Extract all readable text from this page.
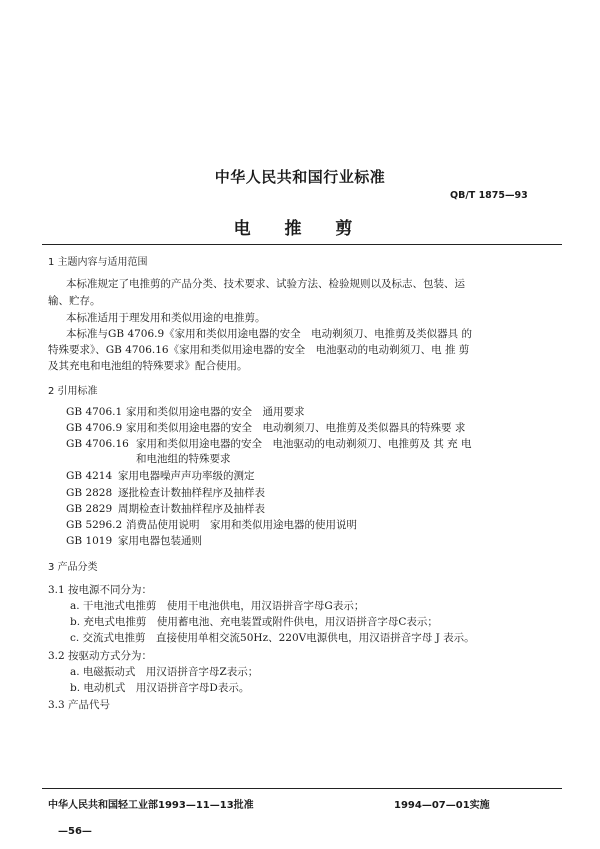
中华人民共和国行业标准
QB/T 1875—93
电 推 剪
1 主题内容与适用范围
本标准规定了电推剪的产品分类、技术要求、试验方法、检验规则以及标志、包装、运
输、贮存。
本标准适用于理发用和类似用途的电推剪。
本标准与GB 4706.9《家用和类似用途电器的安全　电动剃须刀、电推剪及类似器具 的
特殊要求》、GB 4706.16《家用和类似用途电器的安全　电池驱动的电动剃须刀、电 推 剪
及其充电和电池组的特殊要求》配合使用。
2 引用标准
GB 4706.1 家用和类似用途电器的安全　通用要求
GB 4706.9 家用和类似用途电器的安全　电动剃须刀、电推剪及类似器具的特殊要 求
GB 4706.16 家用和类似用途电器的安全　电池驱动的电动剃须刀、电推剪及 其 充 电
和电池组的特殊要求
GB 4214 家用电器噪声声功率级的测定
GB 2828 逐批检查计数抽样程序及抽样表
GB 2829 周期检查计数抽样程序及抽样表
GB 5296.2 消费品使用说明　家用和类似用途电器的使用说明
GB 1019 家用电器包装通则
3 产品分类
3.1 按电源不同分为：
a. 干电池式电推剪　使用干电池供电，用汉语拼音字母G表示；
b. 充电式电推剪　使用蓄电池、充电装置或附件供电，用汉语拼音字母C表示；
c. 交流式电推剪　直接使用单相交流50Hz、220V电源供电，用汉语拼音字母 J 表示。
3.2 按驱动方式分为：
a. 电磁振动式　用汉语拼音字母Z表示；
b. 电动机式　用汉语拼音字母D表示。
3.3 产品代号
中华人民共和国轻工业部1993—11—13批准	1994—07—01实施
—56—
